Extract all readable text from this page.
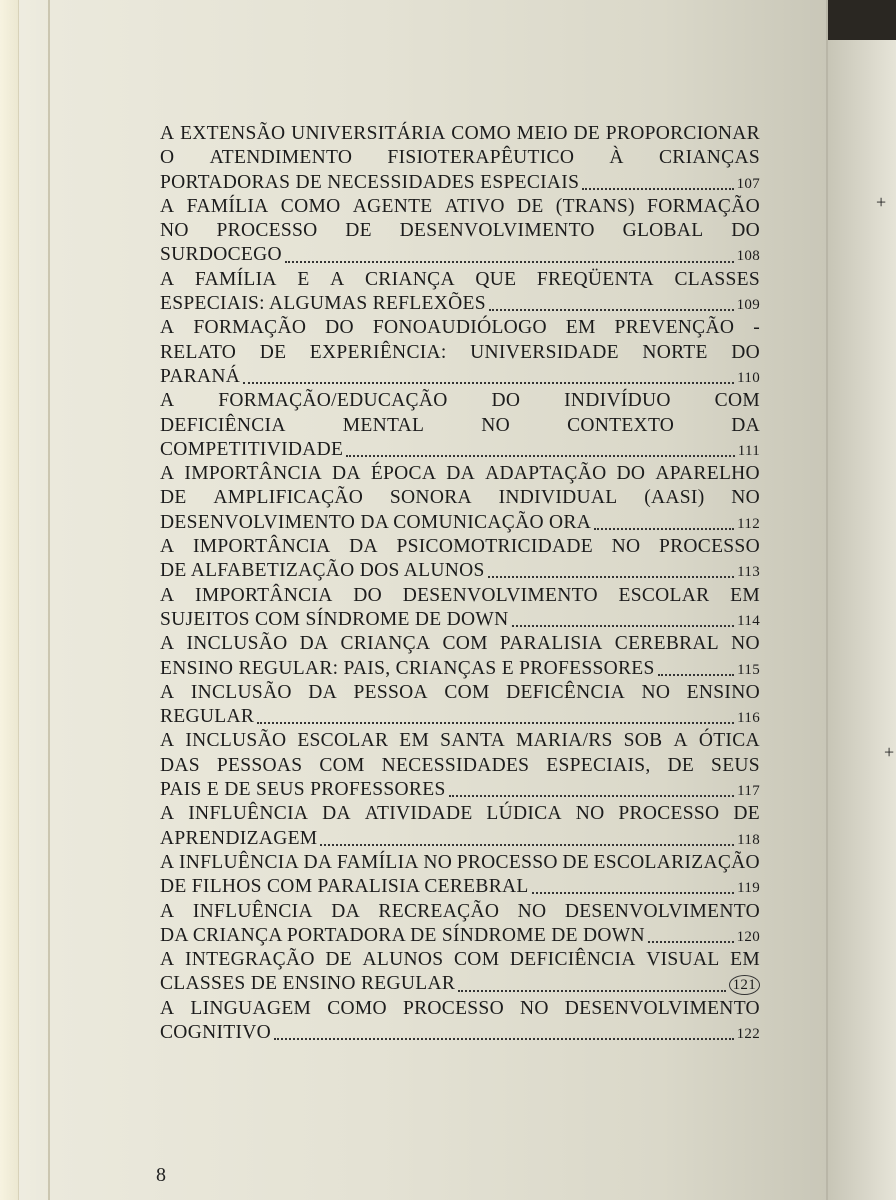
A EXTENSÃO UNIVERSITÁRIA COMO MEIO DE PROPORCIONAR
O ATENDIMENTO FISIOTERAPÊUTICO À CRIANÇAS
PORTADORAS DE NECESSIDADES ESPECIAIS	107
A FAMÍLIA COMO AGENTE ATIVO DE (TRANS) FORMAÇÃO
NO PROCESSO DE DESENVOLVIMENTO GLOBAL DO
SURDOCEGO	108
A FAMÍLIA E A CRIANÇA QUE FREQÜENTA CLASSES
ESPECIAIS: ALGUMAS REFLEXÕES	109
A FORMAÇÃO DO FONOAUDIÓLOGO EM PREVENÇÃO -
RELATO DE EXPERIÊNCIA: UNIVERSIDADE NORTE DO
PARANÁ	110
A FORMAÇÃO/EDUCAÇÃO DO INDIVÍDUO COM
DEFICIÊNCIA	MENTAL	NO	CONTEXTO	DA
COMPETITIVIDADE	111
A IMPORTÂNCIA DA ÉPOCA DA ADAPTAÇÃO DO APARELHO
DE AMPLIFICAÇÃO SONORA INDIVIDUAL (AASI) NO
DESENVOLVIMENTO DA COMUNICAÇÃO ORA	112
A IMPORTÂNCIA DA PSICOMOTRICIDADE NO PROCESSO
DE ALFABETIZAÇÃO DOS ALUNOS	113
A IMPORTÂNCIA DO DESENVOLVIMENTO ESCOLAR EM
SUJEITOS COM SÍNDROME DE DOWN	114
A INCLUSÃO DA CRIANÇA COM PARALISIA CEREBRAL NO
ENSINO REGULAR: PAIS, CRIANÇAS E PROFESSORES	115
A INCLUSÃO DA PESSOA COM DEFICÊNCIA NO ENSINO
REGULAR	116
A INCLUSÃO ESCOLAR EM SANTA MARIA/RS SOB A ÓTICA
DAS PESSOAS COM NECESSIDADES ESPECIAIS, DE SEUS
PAIS E DE SEUS PROFESSORES	117
A INFLUÊNCIA DA ATIVIDADE LÚDICA NO PROCESSO DE
APRENDIZAGEM	118
A INFLUÊNCIA DA FAMÍLIA NO PROCESSO DE ESCOLARIZAÇÃO
DE FILHOS COM PARALISIA CEREBRAL	119
A INFLUÊNCIA DA RECREAÇÃO NO DESENVOLVIMENTO
DA CRIANÇA PORTADORA DE SÍNDROME DE DOWN	120
A INTEGRAÇÃO DE ALUNOS COM DEFICIÊNCIA VISUAL EM
CLASSES DE ENSINO REGULAR	121
A LINGUAGEM COMO PROCESSO NO DESENVOLVIMENTO
COGNITIVO	122
8
+
+
